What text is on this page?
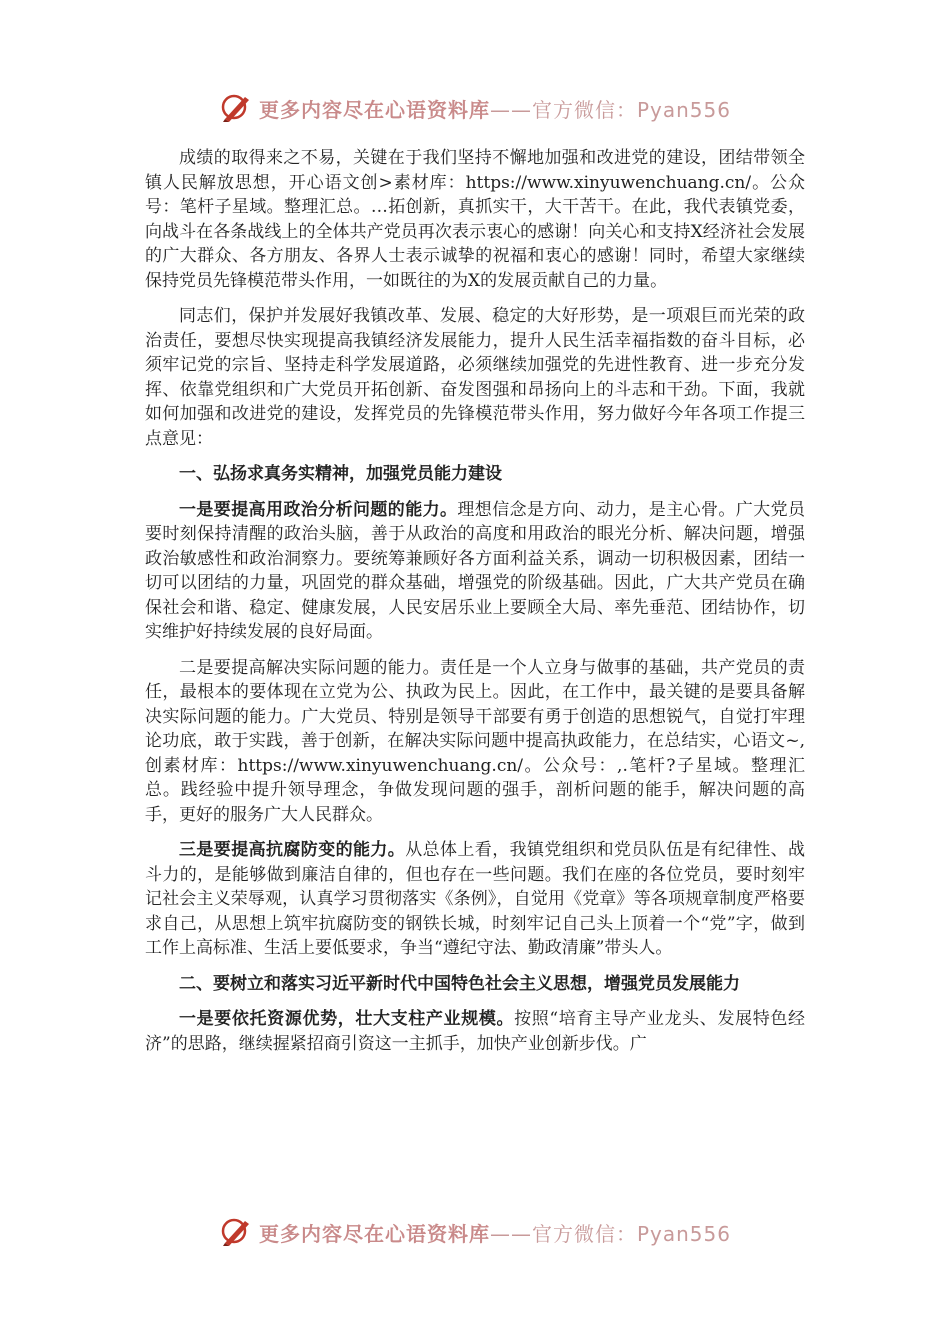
更多内容尽在心语资料库——官方微信：Pyan556

成绩的取得来之不易，关键在于我们坚持不懈地加强和改进党的建设，团结带领全镇人民解放思想，开心语文创>素材库：https://www.xinyuwenchuang.cn/。公众号：笔杆子星域。整理汇总。…拓创新，真抓实干，大干苦干。在此，我代表镇党委，向战斗在各条战线上的全体共产党员再次表示衷心的感谢！向关心和支持X经济社会发展的广大群众、各方朋友、各界人士表示诚挚的祝福和衷心的感谢！同时，希望大家继续保持党员先锋模范带头作用，一如既往的为X的发展贡献自己的力量。

同志们，保护并发展好我镇改革、发展、稳定的大好形势，是一项艰巨而光荣的政治责任，要想尽快实现提高我镇经济发展能力，提升人民生活幸福指数的奋斗目标，必须牢记党的宗旨、坚持走科学发展道路，必须继续加强党的先进性教育、进一步充分发挥、依靠党组织和广大党员开拓创新、奋发图强和昂扬向上的斗志和干劲。下面，我就如何加强和改进党的建设，发挥党员的先锋模范带头作用，努力做好今年各项工作提三点意见：

一、弘扬求真务实精神，加强党员能力建设

一是要提高用政治分析问题的能力。理想信念是方向、动力，是主心骨。广大党员要时刻保持清醒的政治头脑，善于从政治的高度和用政治的眼光分析、解决问题，增强政治敏感性和政治洞察力。要统筹兼顾好各方面利益关系，调动一切积极因素，团结一切可以团结的力量，巩固党的群众基础，增强党的阶级基础。因此，广大共产党员在确保社会和谐、稳定、健康发展，人民安居乐业上要顾全大局、率先垂范、团结协作，切实维护好持续发展的良好局面。

二是要提高解决实际问题的能力。责任是一个人立身与做事的基础，共产党员的责任，最根本的要体现在立党为公、执政为民上。因此，在工作中，最关键的是要具备解决实际问题的能力。广大党员、特别是领导干部要有勇于创造的思想锐气，自觉打牢理论功底，敢于实践，善于创新，在解决实际问题中提高执政能力，在总结实，心语文~,创素材库：https://www.xinyuwenchuang.cn/。公众号：,.笔杆?子星域。整理汇总。践经验中提升领导理念，争做发现问题的强手，剖析问题的能手，解决问题的高手，更好的服务广大人民群众。

三是要提高抗腐防变的能力。从总体上看，我镇党组织和党员队伍是有纪律性、战斗力的，是能够做到廉洁自律的，但也存在一些问题。我们在座的各位党员，要时刻牢记社会主义荣辱观，认真学习贯彻落实《条例》，自觉用《党章》等各项规章制度严格要求自己，从思想上筑牢抗腐防变的钢铁长城，时刻牢记自己头上顶着一个“党”字，做到工作上高标准、生活上要低要求，争当“遵纪守法、勤政清廉”带头人。

二、要树立和落实习近平新时代中国特色社会主义思想，增强党员发展能力

一是要依托资源优势，壮大支柱产业规模。按照“培育主导产业龙头、发展特色经济”的思路，继续握紧招商引资这一主抓手，加快产业创新步伐。广

更多内容尽在心语资料库——官方微信：Pyan556
